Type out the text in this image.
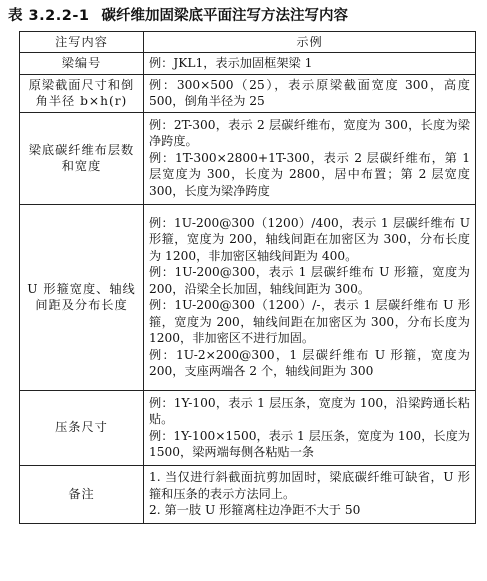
表 3.2.2-1 碳纤维加固梁底平面注写方法注写内容
注写内容	示例
梁编号	例：JKL1，表示加固框架梁 1

原梁截面尺寸和倒角半径 b×h(r)	例：300×500（25），表示原梁截面宽度 300，高度 500，倒角半径为 25

梁底碳纤维布层数和宽度	例：2T-300，表示 2 层碳纤维布，宽度为 300，长度为梁净跨度。

例：1T-300×2800+1T-300，表示 2 层碳纤维布，第 1 层宽度为 300，长度为 2800，居中布置；第 2 层宽度 300，长度为梁净跨度

U 形箍宽度、轴线间距及分布长度	例：1U-200@300（1200）/400，表示 1 层碳纤维布 U 形箍，宽度为 200，轴线间距在加密区为 300，分布长度为 1200，非加密区轴线间距为 400。

例：1U-200@300，表示 1 层碳纤维布 U 形箍，宽度为 200，沿梁全长加固，轴线间距为 300。

例：1U-200@300（1200）/-，表示 1 层碳纤维布 U 形箍，宽度为 200，轴线间距在加密区为 300，分布长度为 1200，非加密区不进行加固。

例：1U-2×200@300，1 层碳纤维布 U 形箍，宽度为 200，支座两端各 2 个，轴线间距为 300

压条尺寸	例：1Y-100，表示 1 层压条，宽度为 100，沿梁跨通长粘贴。

例：1Y-100×1500，表示 1 层压条，宽度为 100，长度为 1500，梁两端每侧各粘贴一条

备注	1. 当仅进行斜截面抗剪加固时，梁底碳纤维可缺省，U 形箍和压条的表示方法同上。

2. 第一肢 U 形箍离柱边净距不大于 50
